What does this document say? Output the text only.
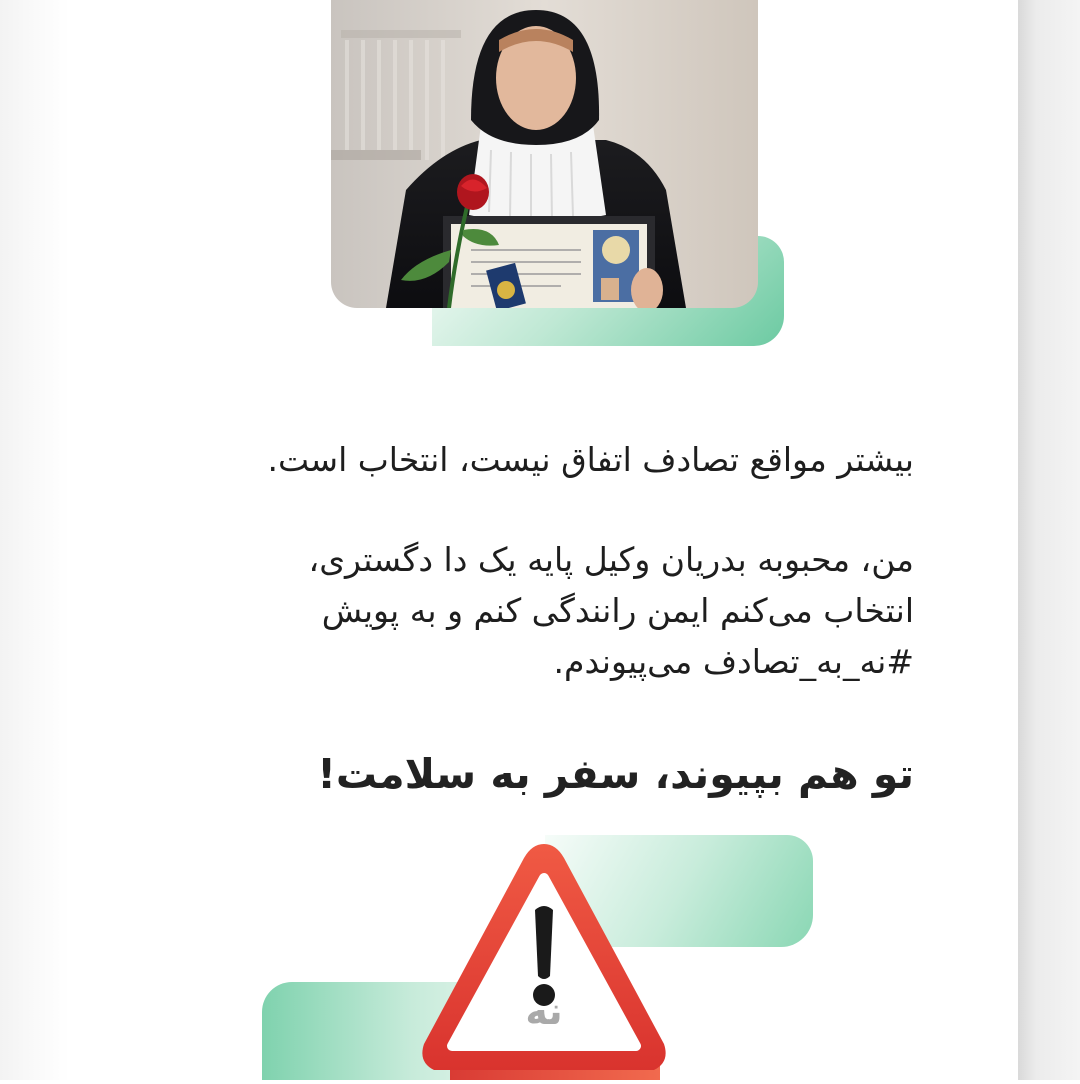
بیشتر مواقع تصادف اتفاق نیست، انتخاب است.

من، محبوبه بدریان وکیل پایه یک دا دگستری،
انتخاب می‌کنم ایمن رانندگی کنم و به پویش
#نه_به_تصادف می‌پیوندم.

تو هم بپیوند، سفر به سلامت!

نه
